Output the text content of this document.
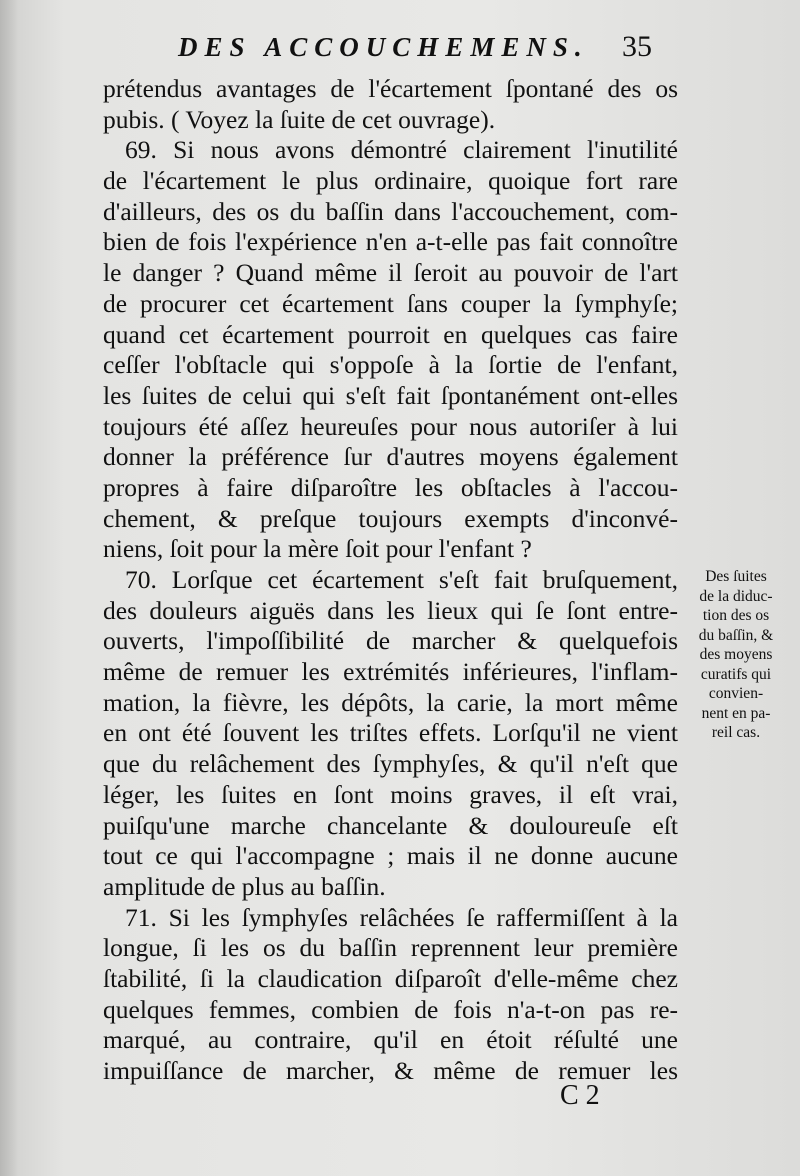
DES ACCOUCHEMENS. 35
prétendus avantages de l'écartement ſpontané des os
pubis. ( Voyez la ſuite de cet ouvrage).
69. Si nous avons démontré clairement l'inutilité
de l'écartement le plus ordinaire, quoique fort rare
d'ailleurs, des os du baſſin dans l'accouchement, com-
bien de fois l'expérience n'en a-t-elle pas fait connoître
le danger ? Quand même il ſeroit au pouvoir de l'art
de procurer cet écartement ſans couper la ſymphyſe;
quand cet écartement pourroit en quelques cas faire
ceſſer l'obſtacle qui s'oppoſe à la ſortie de l'enfant,
les ſuites de celui qui s'eſt fait ſpontanément ont-elles
toujours été aſſez heureuſes pour nous autoriſer à lui
donner la préférence ſur d'autres moyens également
propres à faire diſparoître les obſtacles à l'accou-
chement, & preſque toujours exempts d'inconvé-
niens, ſoit pour la mère ſoit pour l'enfant ?
70. Lorſque cet écartement s'eſt fait bruſquement,
des douleurs aiguës dans les lieux qui ſe ſont entre-
ouverts, l'impoſſibilité de marcher & quelquefois
même de remuer les extrémités inférieures, l'inflam-
mation, la fièvre, les dépôts, la carie, la mort même
en ont été ſouvent les triſtes effets. Lorſqu'il ne vient
que du relâchement des ſymphyſes, & qu'il n'eſt que
léger, les ſuites en ſont moins graves, il eſt vrai,
puiſqu'une marche chancelante & douloureuſe eſt
tout ce qui l'accompagne ; mais il ne donne aucune
amplitude de plus au baſſin.
71. Si les ſymphyſes relâchées ſe raffermiſſent à la
longue, ſi les os du baſſin reprennent leur première
ſtabilité, ſi la claudication diſparoît d'elle-même chez
quelques femmes, combien de fois n'a-t-on pas re-
marqué, au contraire, qu'il en étoit réſulté une
impuiſſance de marcher, & même de remuer les
Des ſuites
de la diduc-
tion des os
du baſſin, &
des moyens
curatifs qui
convien-
nent en pa-
reil cas.
C 2
